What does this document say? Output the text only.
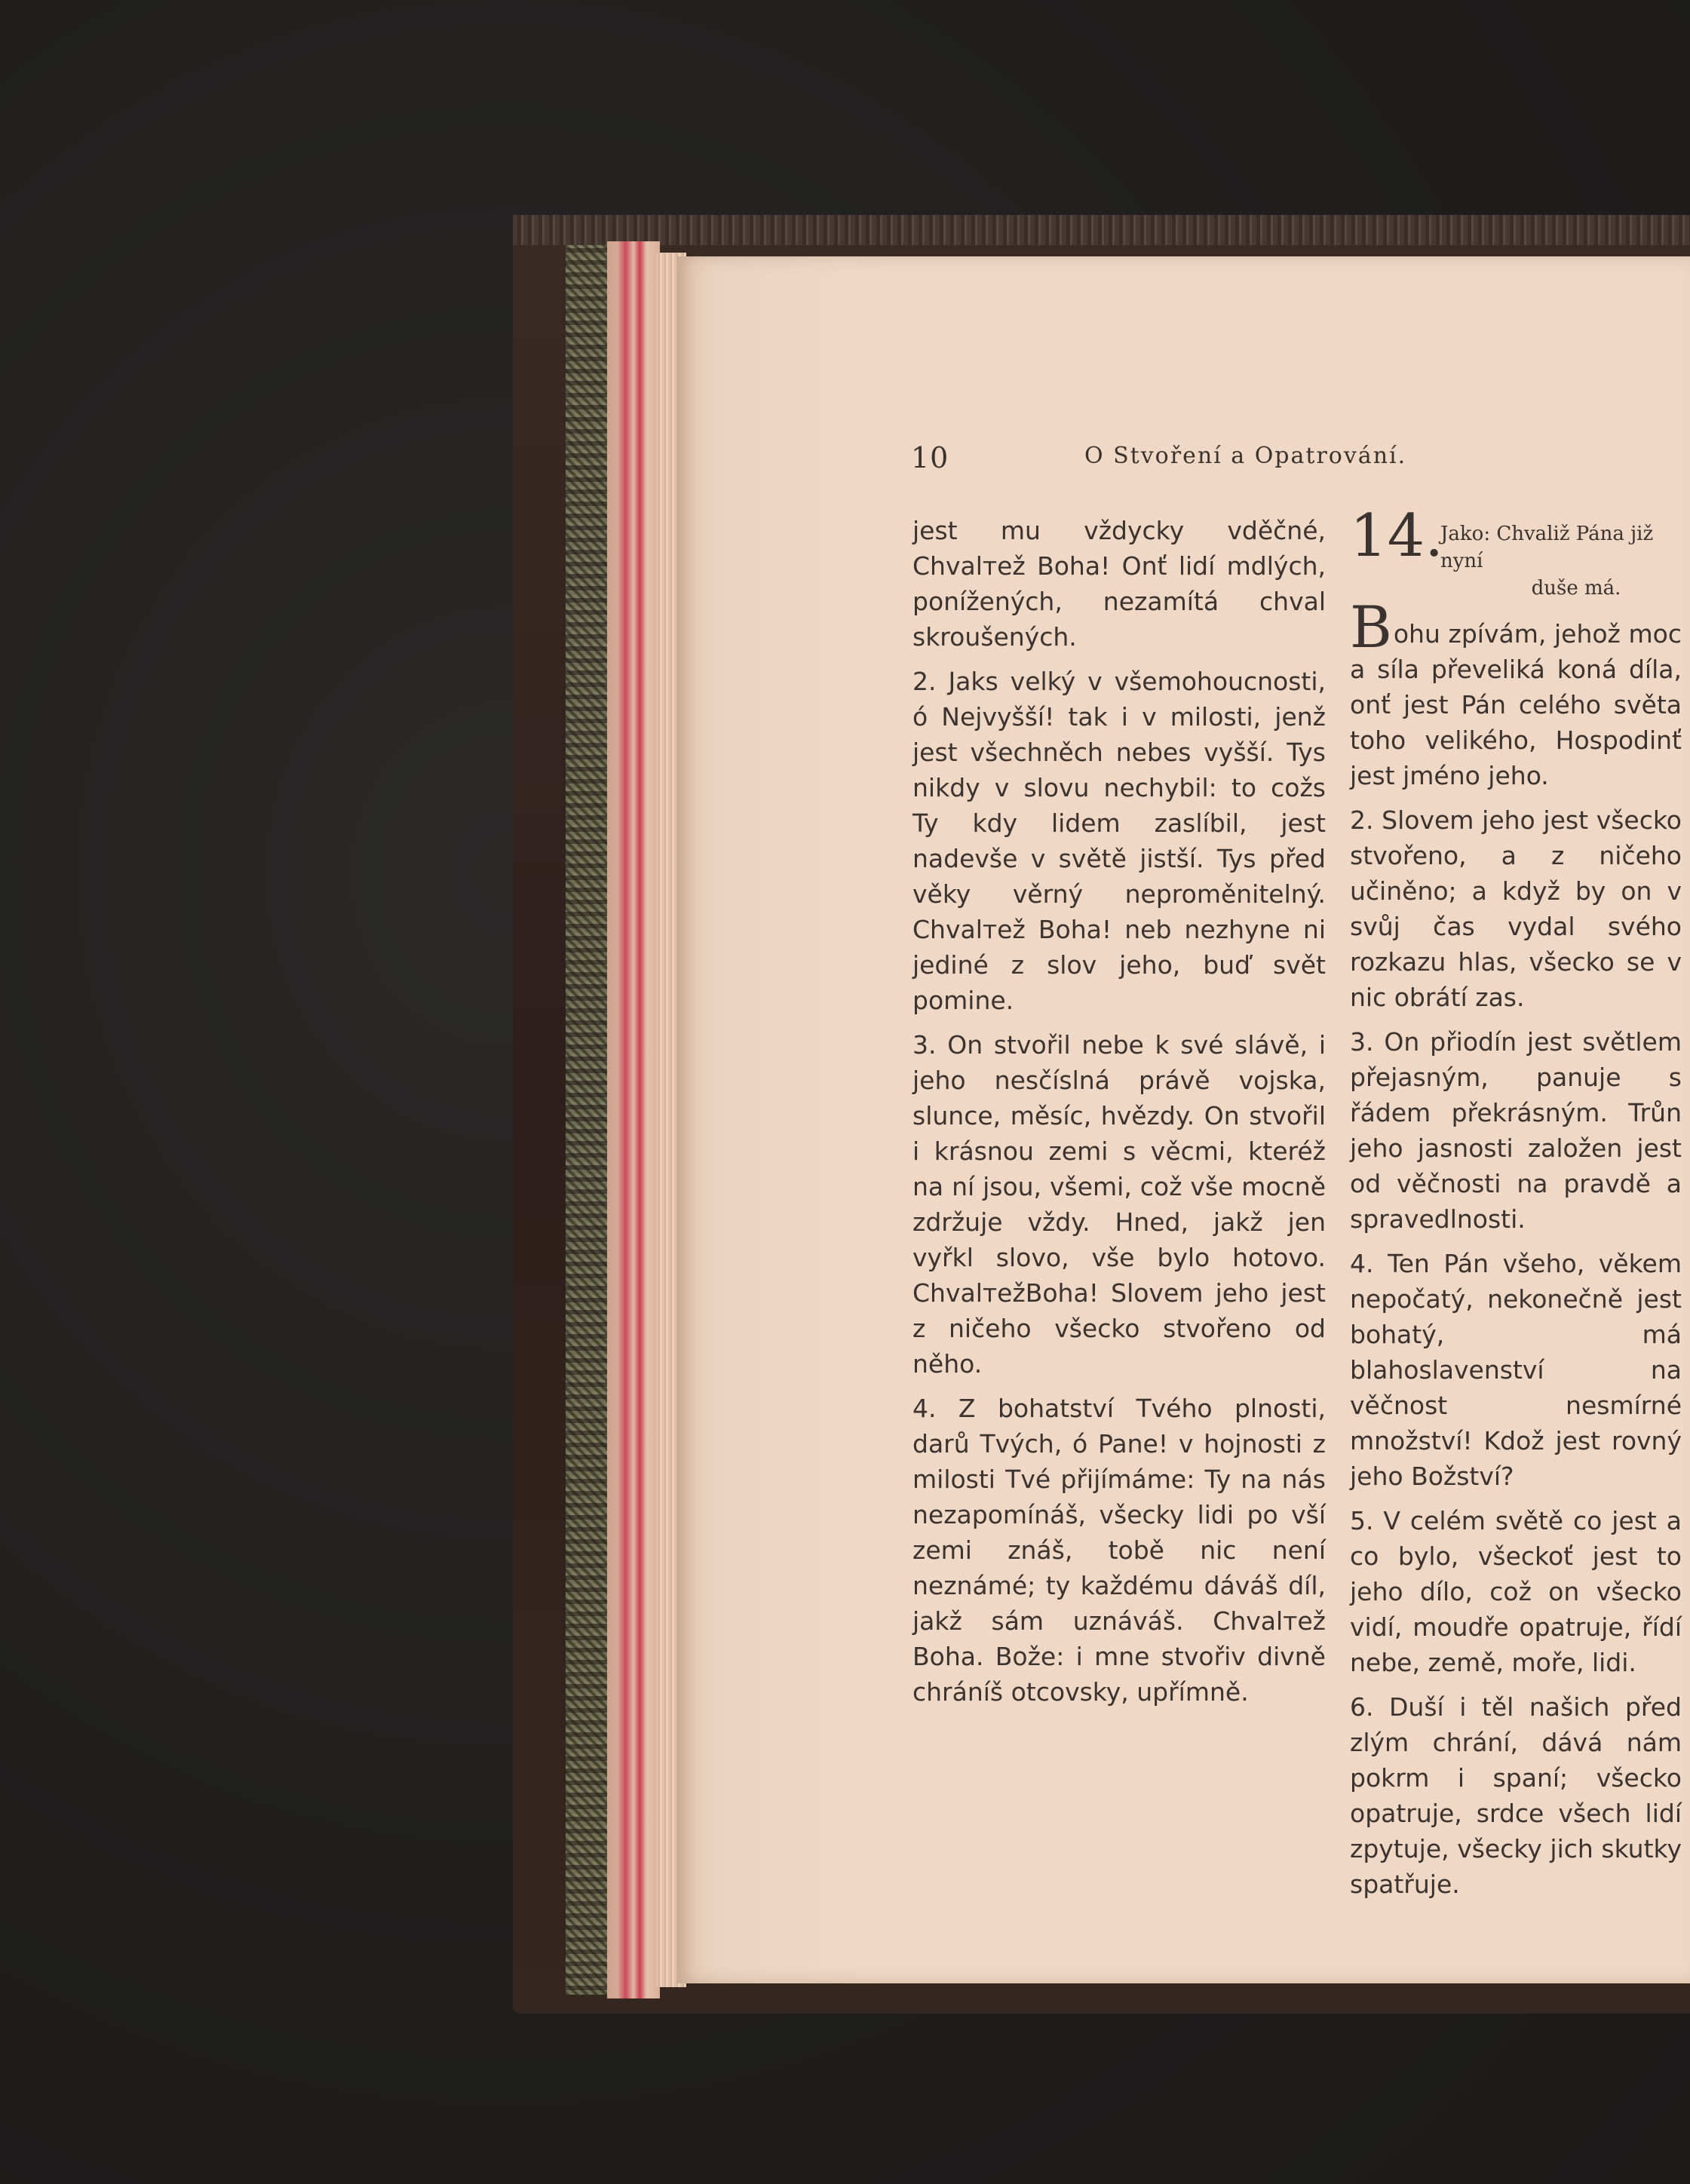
10	O Stvoření a Opatrování.

jest mu vždycky vděčné, Chvalтež Boha! Onť lidí mdlých, ponížených, nezamítá chval skroušených.

2. Jaks velký v všemohoucnosti, ó Nejvyšší! tak i v milosti, jenž jest všechněch nebes vyšší. Tys nikdy v slovu nechybil: to cožs Ty kdy lidem zaslíbil, jest nadevše v světě jistší. Tys před věky věrný neproměnitelný. Chvalтež Boha! neb nezhyne ni jediné z slov jeho, buď svět pomine.

3. On stvořil nebe k své slávě, i jeho nesčíslná právě vojska, slunce, měsíc, hvězdy. On stvořil i krásnou zemi s věcmi, kteréž na ní jsou, všemi, což vše mocně zdržuje vždy. Hned, jakž jen vyřkl slovo, vše bylo hotovo. ChvalтežBoha! Slovem jeho jest z ničeho všecko stvořeno od něho.

4. Z bohatství Tvého plnosti, darů Tvých, ó Pane! v hojnosti z milosti Tvé přijímáme: Ty na nás nezapomínáš, všecky lidi po vší zemi znáš, tobě nic není neznámé; ty každému dáváš díl, jakž sám uznáváš. Chvalтež Boha. Bože: i mne stvořiv divně chráníš otcovsky, upřímně.

14.
Jako: Chvaliž Pána již nyní
duše má.

Bohu zpívám, jehož moc a síla převeliká koná díla, onť jest Pán celého světa toho velikého, Hospodinť jest jméno jeho.

2. Slovem jeho jest všecko stvořeno, a z ničeho učiněno; a když by on v svůj čas vydal svého rozkazu hlas, všecko se v nic obrátí zas.

3. On přiodín jest světlem přejasným, panuje s řádem překrásným. Trůn jeho jasnosti založen jest od věčnosti na pravdě a spravedlnosti.

4. Ten Pán všeho, věkem nepočatý, nekonečně jest bohatý, má blahoslavenství na věčnost nesmírné množství! Kdož jest rovný jeho Božství?

5. V celém světě co jest a co bylo, všeckoť jest to jeho dílo, což on všecko vidí, moudře opatruje, řídí nebe, země, moře, lidi.

6. Duší i těl našich před zlým chrání, dává nám pokrm i spaní; všecko opatruje, srdce všech lidí zpytuje, všecky jich skutky spatřuje.
